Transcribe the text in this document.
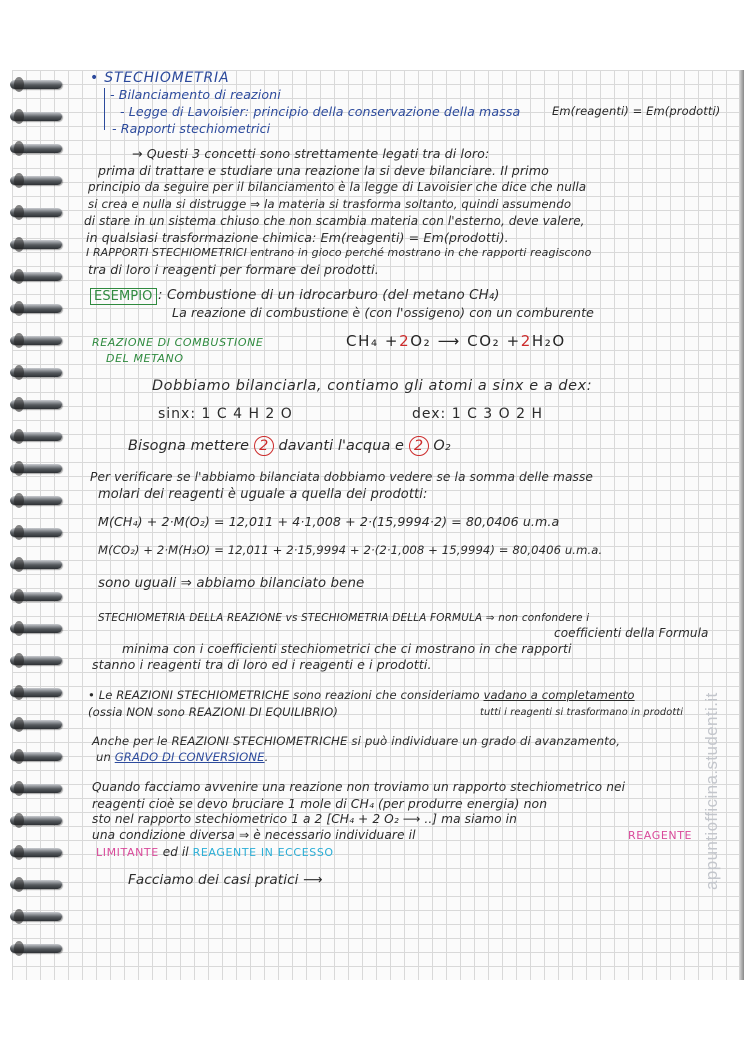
• STECHIOMETRIA
- Bilanciamento di reazioni
- Legge di Lavoisier: principio della conservazione della massa	Em(reagenti) = Em(prodotti)
- Rapporti stechiometrici
→ Questi 3 concetti sono strettamente legati tra di loro:
prima di trattare e studiare una reazione la si deve bilanciare. Il primo
principio da seguire per il bilanciamento è la legge di Lavoisier che dice che nulla
si crea e nulla si distrugge ⇒ la materia si trasforma soltanto, quindi assumendo
di stare in un sistema chiuso che non scambia materia con l'esterno, deve valere,
in qualsiasi trasformazione chimica: Em(reagenti) = Em(prodotti).
I RAPPORTI STECHIOMETRICI entrano in gioco perché mostrano in che rapporti reagiscono
tra di loro i reagenti per formare dei prodotti.
ESEMPIO : Combustione di un idrocarburo (del metano CH₄)
La reazione di combustione è (con l'ossigeno) con un comburente
REAZIONE DI COMBUSTIONE
DEL METANO
CH₄ +2O₂ ⟶ CO₂ +2H₂O
Dobbiamo bilanciarla, contiamo gli atomi a sinx e a dex:
sinx: 1 C 4 H 2 O	dex: 1 C 3 O 2 H
Bisogna mettere 2 davanti l'acqua e 2 O₂
Per verificare se l'abbiamo bilanciata dobbiamo vedere se la somma delle masse
molari dei reagenti è uguale a quella dei prodotti:
M(CH₄) + 2·M(O₂) = 12,011 + 4·1,008 + 2·(15,9994·2) = 80,0406 u.m.a
M(CO₂) + 2·M(H₂O) = 12,011 + 2·15,9994 + 2·(2·1,008 + 15,9994) = 80,0406 u.m.a.
sono uguali ⇒ abbiamo bilanciato bene
STECHIOMETRIA DELLA REAZIONE vs STECHIOMETRIA DELLA FORMULA ⇒ non confondere i
coefficienti della Formula
minima con i coefficienti stechiometrici che ci mostrano in che rapporti
stanno i reagenti tra di loro ed i reagenti e i prodotti.
• Le REAZIONI STECHIOMETRICHE sono reazioni che consideriamo vadano a completamento
(ossia NON sono REAZIONI DI EQUILIBRIO)	tutti i reagenti si trasformano in prodotti
Anche per le REAZIONI STECHIOMETRICHE si può individuare un grado di avanzamento,
un GRADO DI CONVERSIONE.
Quando facciamo avvenire una reazione non troviamo un rapporto stechiometrico nei
reagenti cioè se devo bruciare 1 mole di CH₄ (per produrre energia) non
sto nel rapporto stechiometrico 1 a 2 [CH₄ + 2 O₂ ⟶ ..] ma siamo in
una condizione diversa ⇒ è necessario individuare il	REAGENTE
LIMITANTE ed il REAGENTE IN ECCESSO
Facciamo dei casi pratici ⟶	appuntiofficina.studenti.it
